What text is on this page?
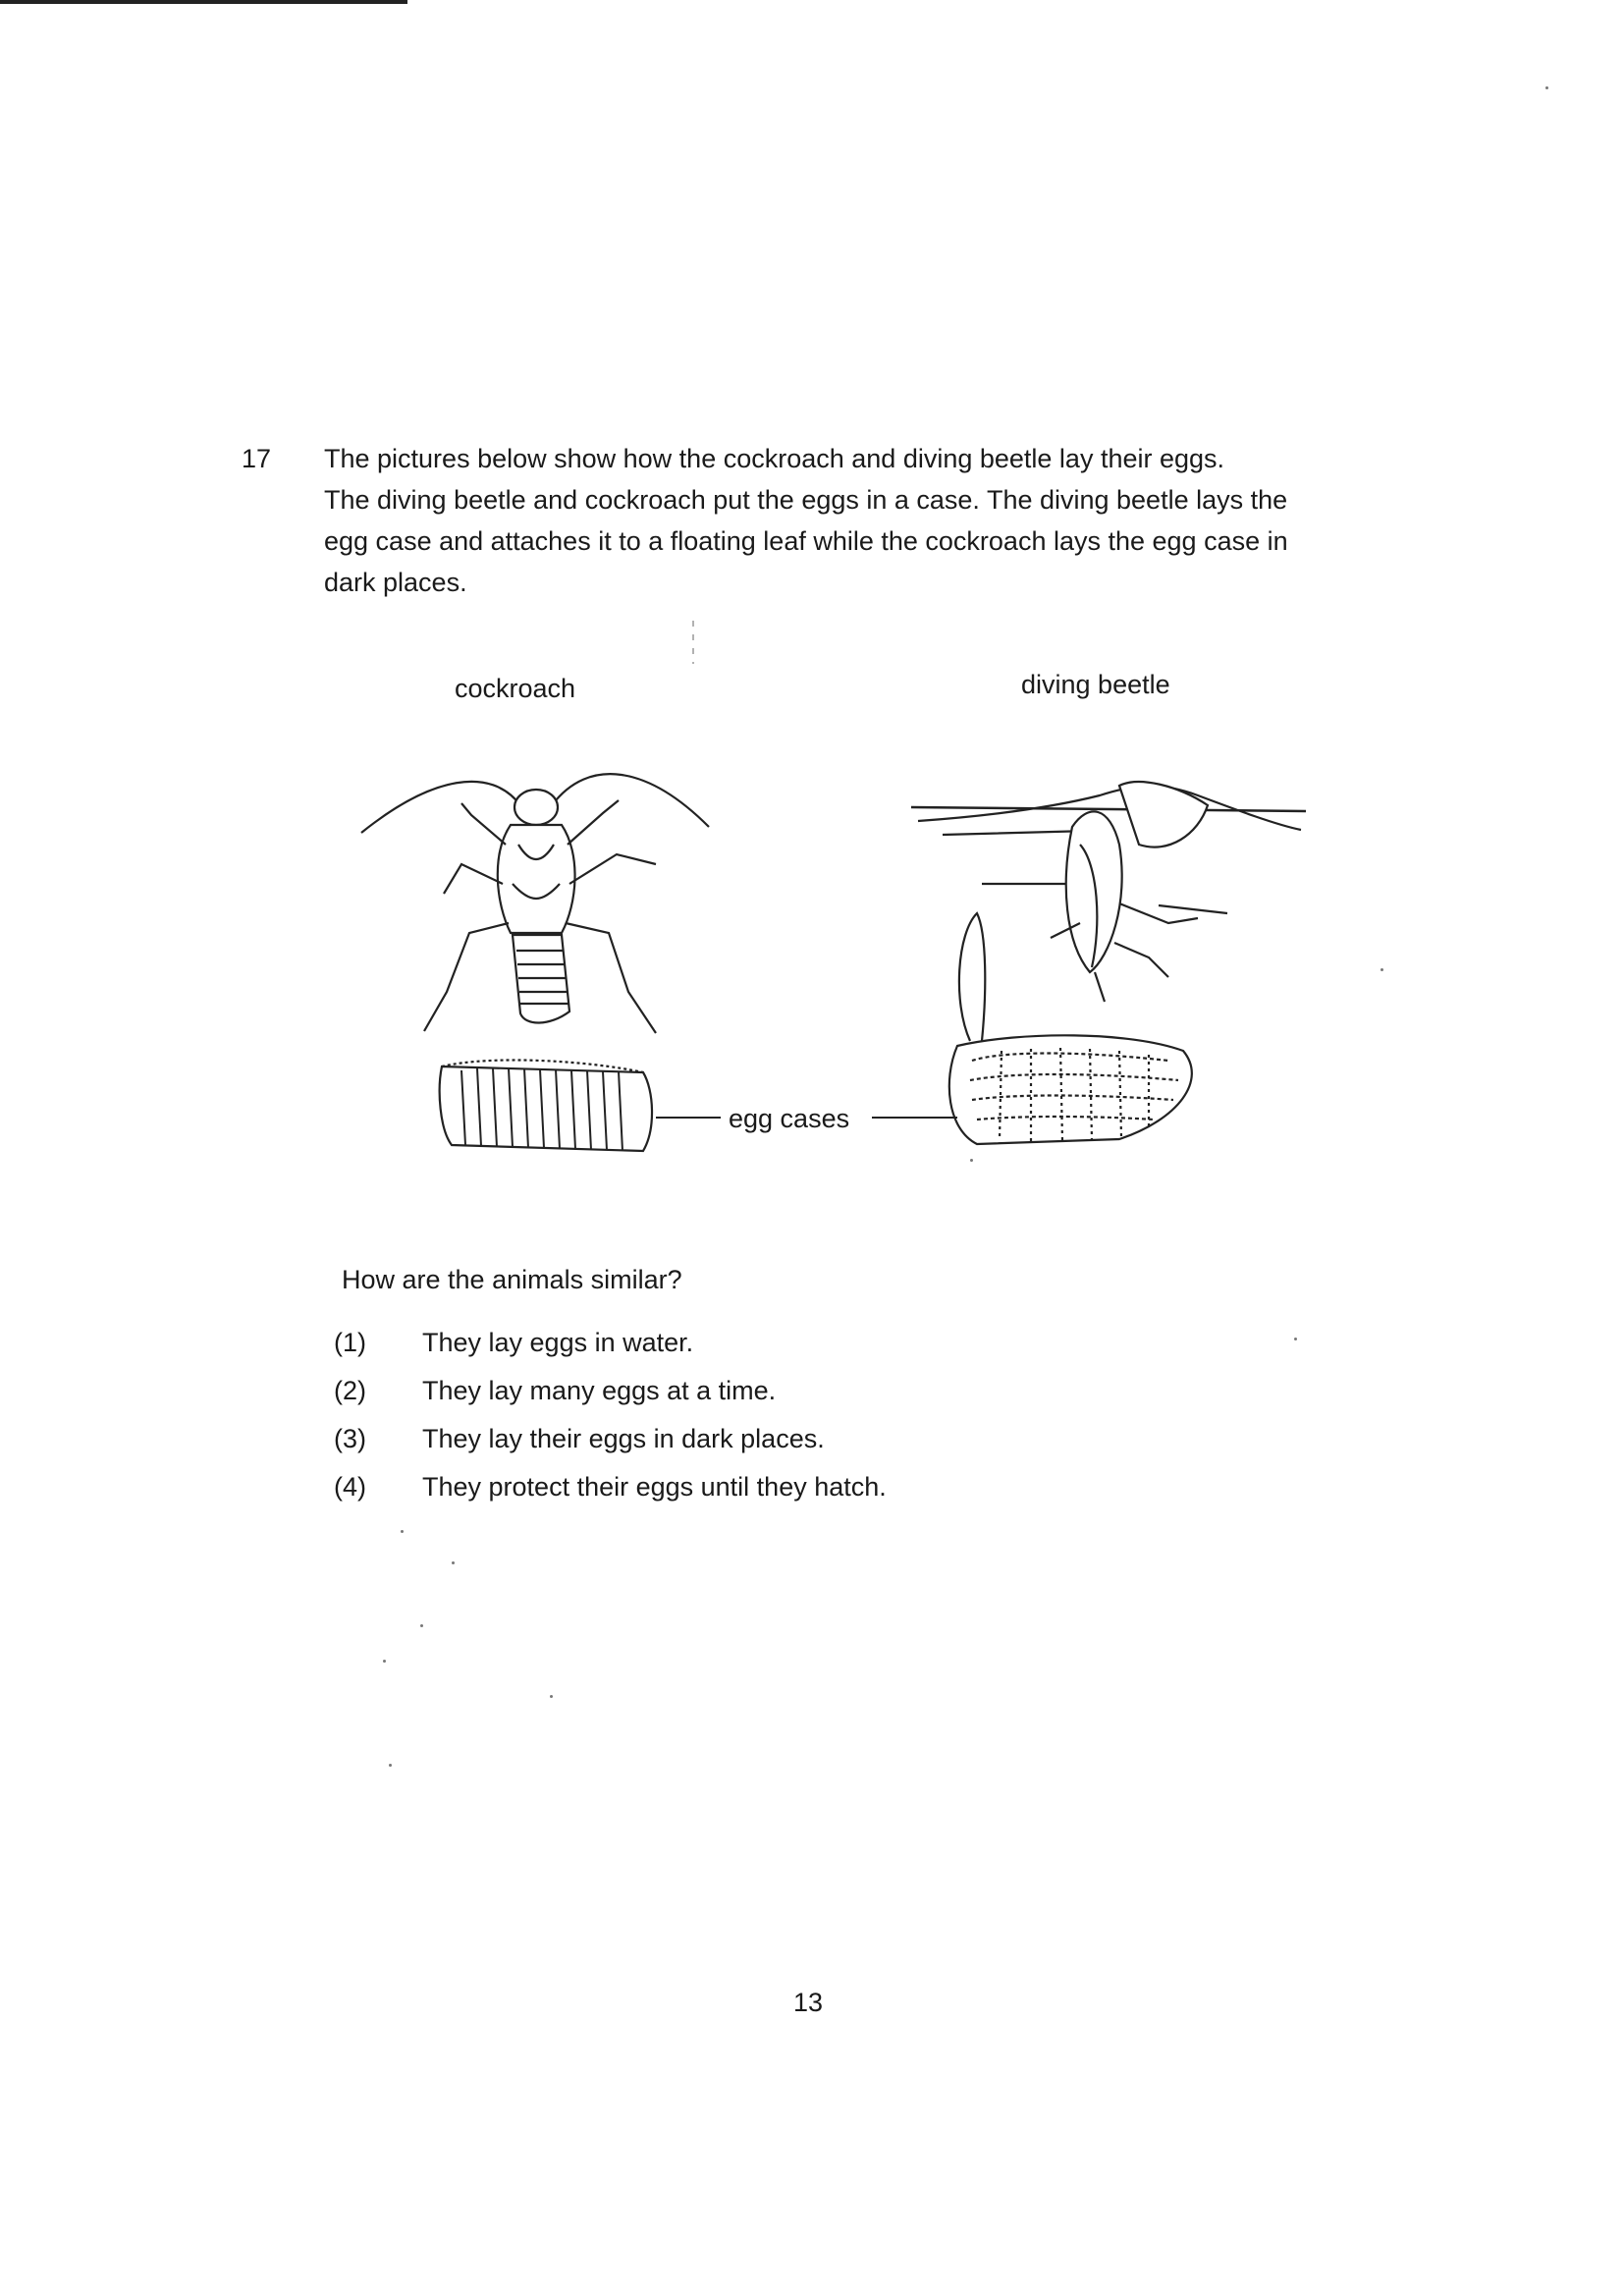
17 The pictures below show how the cockroach and diving beetle lay their eggs.

The diving beetle and cockroach put the eggs in a case. The diving beetle lays the

egg case and attaches it to a floating leaf while the cockroach lays the egg case in

dark places.

cockroach	diving beetle
egg cases
How are the animals similar?
(1) They lay eggs in water.
(2) They lay many eggs at a time.
(3) They lay their eggs in dark places.
(4) They protect their eggs until they hatch.
13
